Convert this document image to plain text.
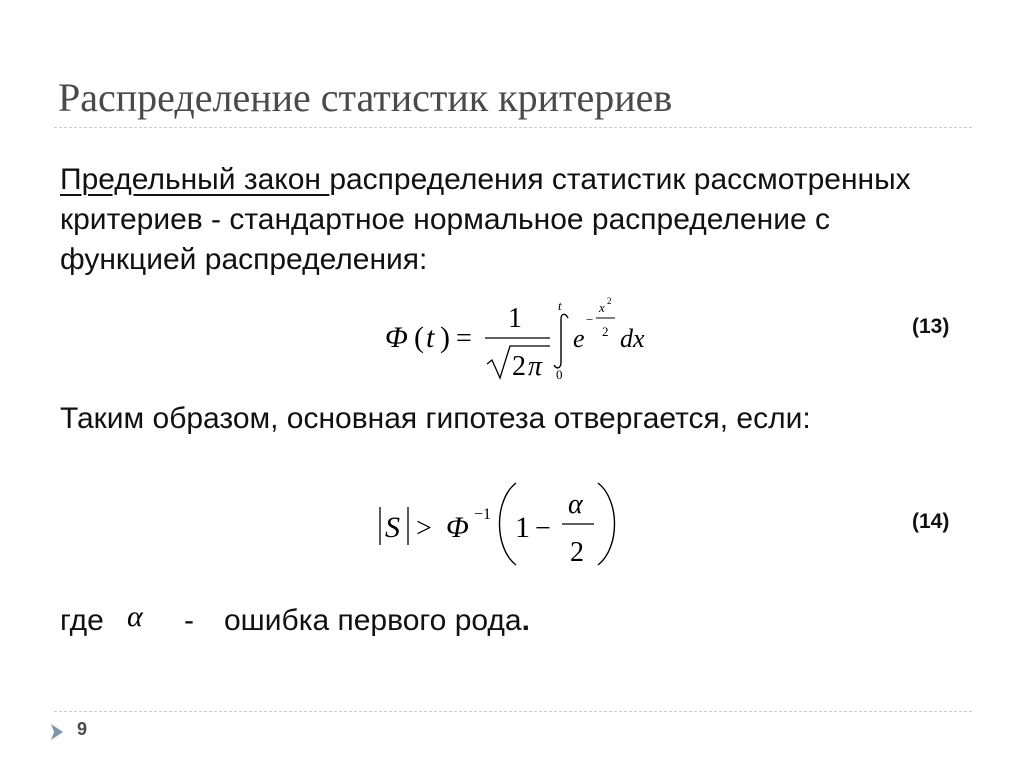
Распределение статистик критериев

Предельный закон распределения статистик рассмотренных критериев - стандартное нормальное распределение с функцией распределения:

Φ ( t ) =
1
2 π
t
0
e
−
x 2
2 dx	(13)

Таким образом, основная гипотеза отвергается, если:

S > Φ −1 1 −
α
2
(14)
где α - ошибка первого рода.
9
